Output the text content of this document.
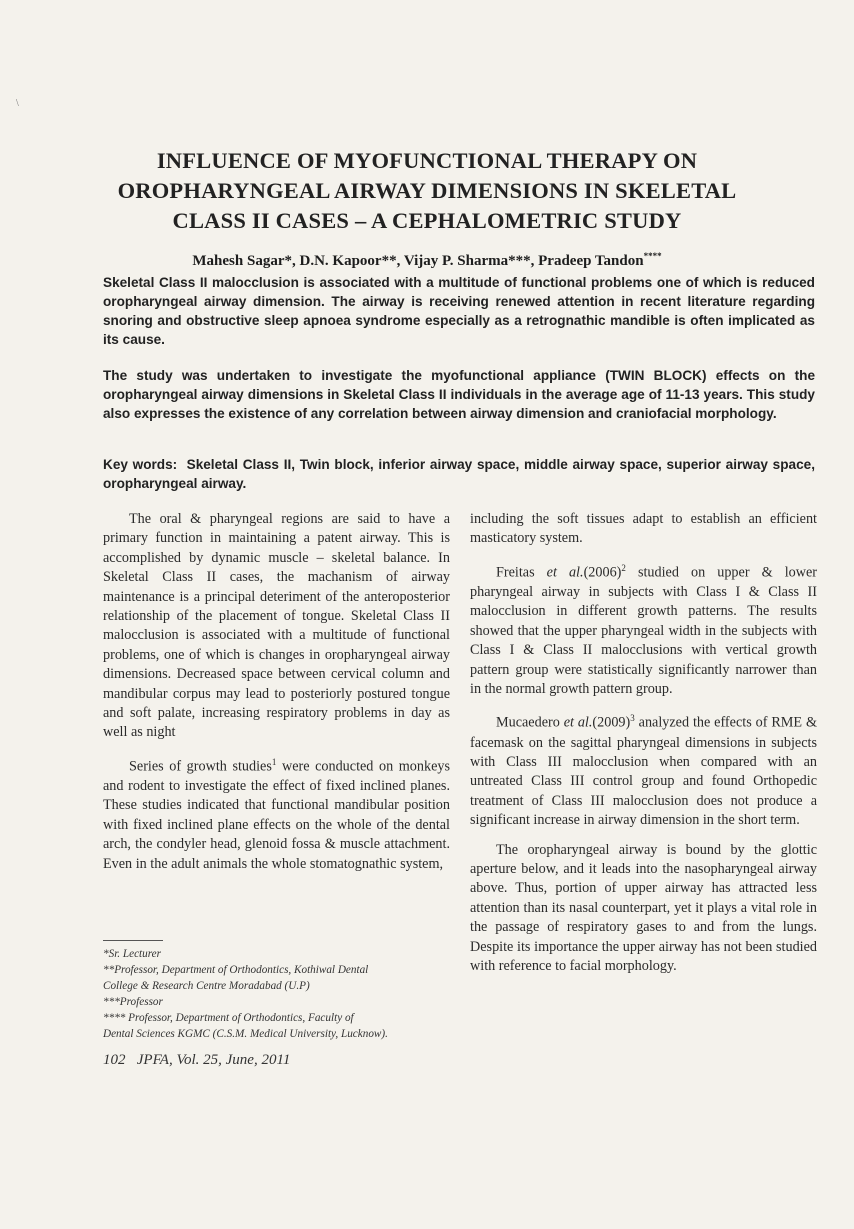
\
INFLUENCE OF MYOFUNCTIONAL THERAPY ON
OROPHARYNGEAL AIRWAY DIMENSIONS IN SKELETAL
CLASS II CASES – A CEPHALOMETRIC STUDY
Mahesh Sagar*, D.N. Kapoor**, Vijay P. Sharma***, Pradeep Tandon****
Skeletal Class II malocclusion is associated with a multitude of functional problems one of which is reduced oropharyngeal airway dimension. The airway is receiving renewed attention in recent literature regarding snoring and obstructive sleep apnoea syndrome especially as a retrognathic mandible is often implicated as its cause.
The study was undertaken to investigate the myofunctional appliance (TWIN BLOCK) effects on the oropharyngeal airway dimensions in Skeletal Class II individuals in the average age of 11-13 years. This study also expresses the existence of any correlation between airway dimension and craniofacial morphology.
Key words: Skeletal Class II, Twin block, inferior airway space, middle airway space, superior airway space, oropharyngeal airway.

The oral & pharyngeal regions are said to have a primary function in maintaining a patent airway. This is accomplished by dynamic muscle – skeletal balance. In Skeletal Class II cases, the machanism of airway maintenance is a principal deteriment of the anteroposterior relationship of the placement of tongue. Skeletal Class II malocclusion is associated with a multitude of functional problems, one of which is changes in oropharyngeal airway dimensions. Decreased space between cervical column and mandibular corpus may lead to posteriorly postured tongue and soft palate, increasing respiratory problems in day as well as night

Series of growth studies$^1$ were conducted on monkeys and rodent to investigate the effect of fixed inclined planes. These studies indicated that functional mandibular position with fixed inclined plane effects on the whole of the dental arch, the condyler head, glenoid fossa & muscle attachment. Even in the adult animals the whole stomatognathic system,

including the soft tissues adapt to establish an efficient masticatory system.

Freitas et $al.(2006)^2$ studied on upper & lower pharyngeal airway in subjects with Class I & Class II malocclusion in different growth patterns. The results showed that the upper pharyngeal width in the subjects with Class I & Class II malocclusions with vertical growth pattern group were statistically significantly narrower than in the normal growth pattern group.

Mucaedero et $al.(2009)^3$ analyzed the effects of RME & facemask on the sagittal pharyngeal dimensions in subjects with Class III malocclusion when compared with an untreated Class III control group and found Orthopedic treatment of Class III malocclusion does not produce a significant increase in airway dimension in the short term.

The oropharyngeal airway is bound by the glottic aperture below, and it leads into the nasopharyngeal airway above. Thus, portion of upper airway has attracted less attention than its nasal counterpart, yet it plays a vital role in the passage of respiratory gases to and from the lungs. Despite its importance the upper airway has not been studied with reference to facial morphology.

*Sr. Lecturer
**Professor, Department of Orthodontics, Kothiwal Dental
College & Research Centre Moradabad (U.P)
***Professor
**** Professor, Department of Orthodontics, Faculty of
Dental Sciences KGMC (C.S.M. Medical University, Lucknow).
102   JPFA, Vol. 25, June, 2011
